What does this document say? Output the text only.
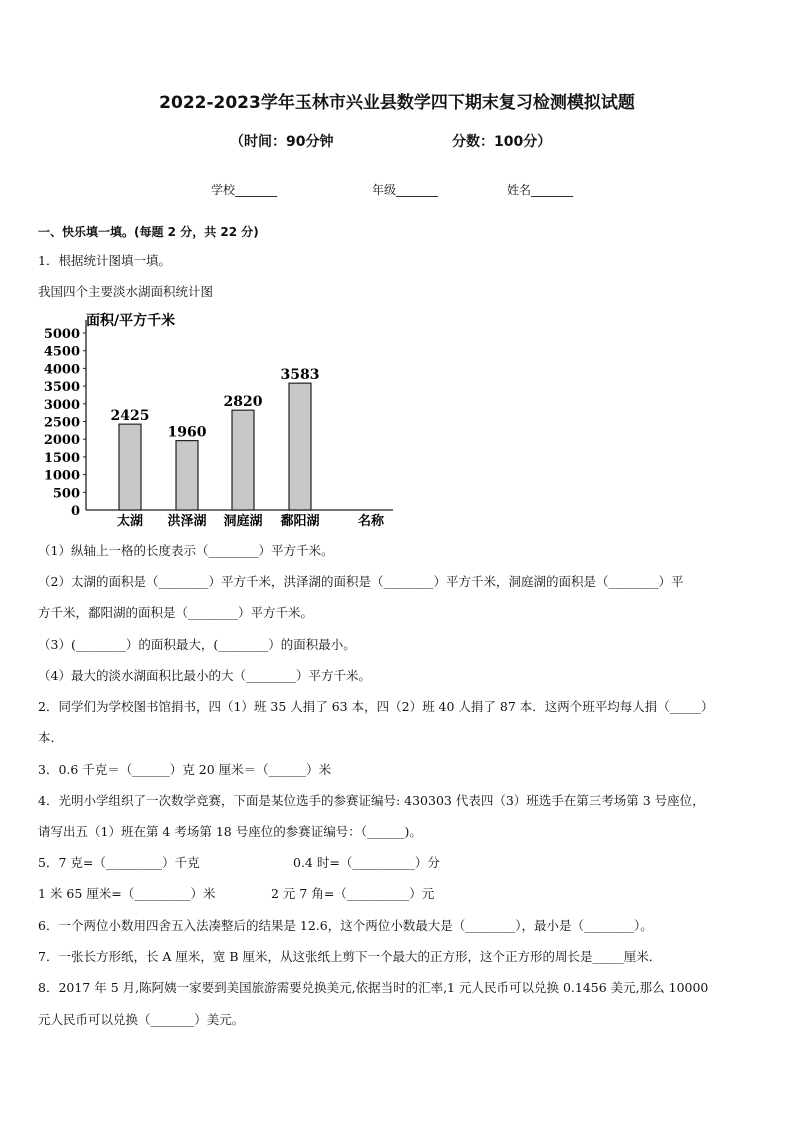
2022-2023学年玉林市兴业县数学四下期末复习检测模拟试题
（时间：90分钟	分数：100分）
学校_______	年级_______	姓名_______
一、快乐填一填。(每题 2 分，共 22 分)
1．根据统计图填一填。
我国四个主要淡水湖面积统计图
0
500
1000
1500
2000
2500
3000
3500
4000
4500
5000
2425
太湖
1960
洪泽湖
2820
洞庭湖
3583
鄱阳湖
面积/平方千米
名称
（1）纵轴上一格的长度表示（________）平方千米。
（2）太湖的面积是（________）平方千米，洪泽湖的面积是（________）平方千米，洞庭湖的面积是（________）平
方千米，鄱阳湖的面积是（________）平方千米。
（3）(________）的面积最大，(________）的面积最小。
（4）最大的淡水湖面积比最小的大（________）平方千米。
2．同学们为学校图书馆捐书，四（1）班 35 人捐了 63 本，四（2）班 40 人捐了 87 本．这两个班平均每人捐（_____）
本．
3．0.6 千克＝（______）克 20 厘米＝（______）米
4．光明小学组织了一次数学竞赛，下面是某位选手的参赛证编号: 430303 代表四（3）班选手在第三考场第 3 号座位，
请写出五（1）班在第 4 考场第 18 号座位的参赛证编号：（______)。
5．7 克=（_________）千克	0.4 时=（__________）分
1 米 65 厘米=（_________）米	2 元 7 角=（__________）元
6．一个两位小数用四舍五入法凑整后的结果是 12.6，这个两位小数最大是（________），最小是（________）。
7．一张长方形纸，长 A 厘米，宽 B 厘米，从这张纸上剪下一个最大的正方形，这个正方形的周长是_____厘米．
8．2017 年 5 月,陈阿姨一家要到美国旅游需要兑换美元,依据当时的汇率,1 元人民币可以兑换 0.1456 美元,那么 10000
元人民币可以兑换（_______）美元。
